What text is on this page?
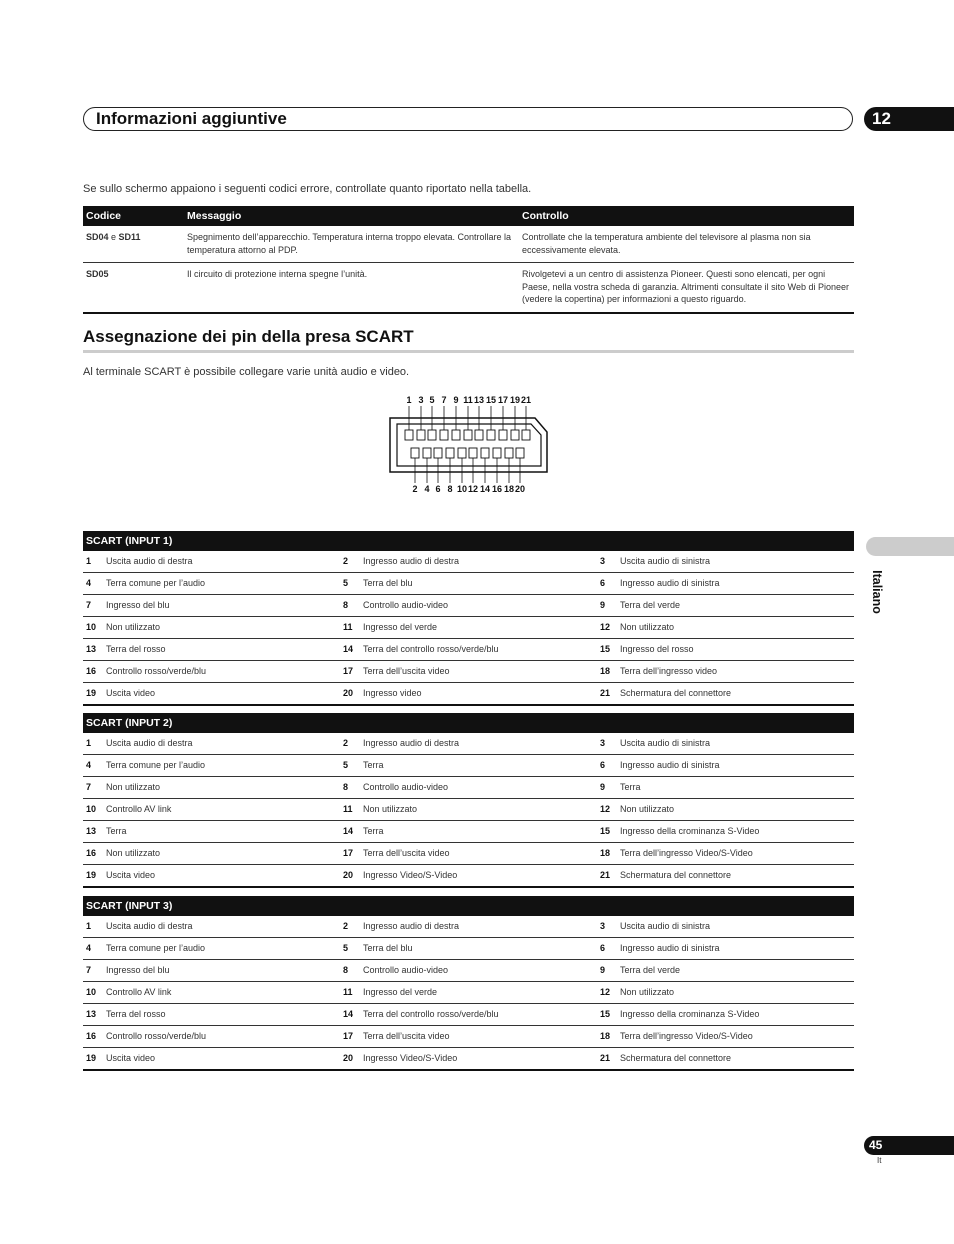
Informazioni aggiuntive	12
Se sullo schermo appaiono i seguenti codici errore, controllate quanto riportato nella tabella.
Codice	Messaggio	Controllo
SD04 e SD11	Spegnimento dell’apparecchio. Temperatura interna troppo elevata. Controllare la temperatura attorno al PDP.	Controllate che la temperatura ambiente del televisore al plasma non sia eccessivamente elevata.
SD05	Il circuito di protezione interna spegne l’unità.	Rivolgetevi a un centro di assistenza Pioneer. Questi sono elencati, per ogni Paese, nella vostra scheda di garanzia. Altrimenti consultate il sito Web di Pioneer (vedere la copertina) per informazioni a questo riguardo.
Assegnazione dei pin della presa SCART
Al terminale SCART è possibile collegare varie unità audio e video.
1 3 5 7 9 11 13 15 17 19 21
2 4 6 8 10 12 14 16 18 20
Italiano
SCART (INPUT 1)
1	Uscita audio di destra	2	Ingresso audio di destra	3	Uscita audio di sinistra
4	Terra comune per l’audio	5	Terra del blu	6	Ingresso audio di sinistra
7	Ingresso del blu	8	Controllo audio-video	9	Terra del verde
10	Non utilizzato	11	Ingresso del verde	12	Non utilizzato
13	Terra del rosso	14	Terra del controllo rosso/verde/blu	15	Ingresso del rosso
16	Controllo rosso/verde/blu	17	Terra dell’uscita video	18	Terra dell’ingresso video
19	Uscita video	20	Ingresso video	21	Schermatura del connettore
SCART (INPUT 2)
1	Uscita audio di destra	2	Ingresso audio di destra	3	Uscita audio di sinistra
4	Terra comune per l’audio	5	Terra	6	Ingresso audio di sinistra
7	Non utilizzato	8	Controllo audio-video	9	Terra
10	Controllo AV link	11	Non utilizzato	12	Non utilizzato
13	Terra	14	Terra	15	Ingresso della crominanza S-Video
16	Non utilizzato	17	Terra dell’uscita video	18	Terra dell’ingresso Video/S-Video
19	Uscita video	20	Ingresso Video/S-Video	21	Schermatura del connettore
SCART (INPUT 3)
1	Uscita audio di destra	2	Ingresso audio di destra	3	Uscita audio di sinistra
4	Terra comune per l’audio	5	Terra del blu	6	Ingresso audio di sinistra
7	Ingresso del blu	8	Controllo audio-video	9	Terra del verde
10	Controllo AV link	11	Ingresso del verde	12	Non utilizzato
13	Terra del rosso	14	Terra del controllo rosso/verde/blu	15	Ingresso della crominanza S-Video
16	Controllo rosso/verde/blu	17	Terra dell’uscita video	18	Terra dell’ingresso Video/S-Video
19	Uscita video	20	Ingresso Video/S-Video	21	Schermatura del connettore
45
It
